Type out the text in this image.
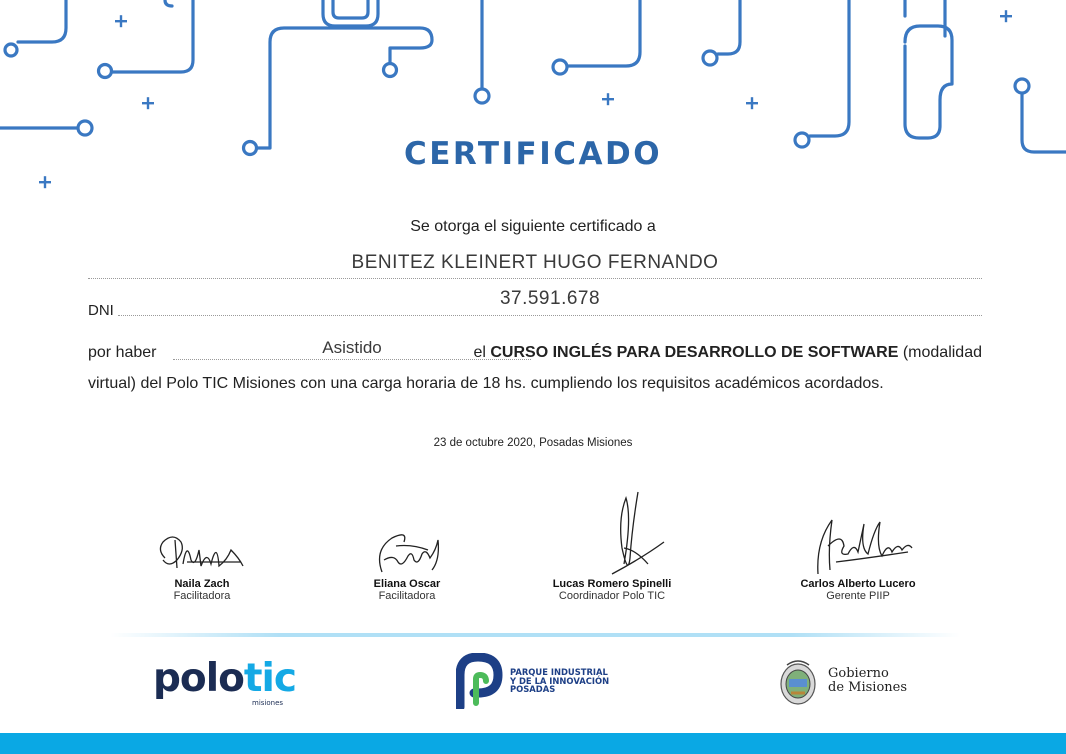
CERTIFICADO
Se otorga el siguiente certificado a
BENITEZ KLEINERT HUGO FERNANDO
DNI
37.591.678
por haber	Asistido	el CURSO INGLÉS PARA DESARROLLO DE SOFTWARE (modalidad
virtual) del Polo TIC Misiones con una carga horaria de 18 hs. cumpliendo los requisitos académicos acordados.
23 de octubre 2020, Posadas Misiones
Naila Zach
Facilitadora
Eliana Oscar
Facilitadora
Lucas Romero Spinelli
Coordinador Polo TIC
Carlos Alberto Lucero
Gerente PIIP
polotic
misiones
PARQUE INDUSTRIAL
Y DE LA INNOVACIÓN
POSADAS
Gobierno
de Misiones
